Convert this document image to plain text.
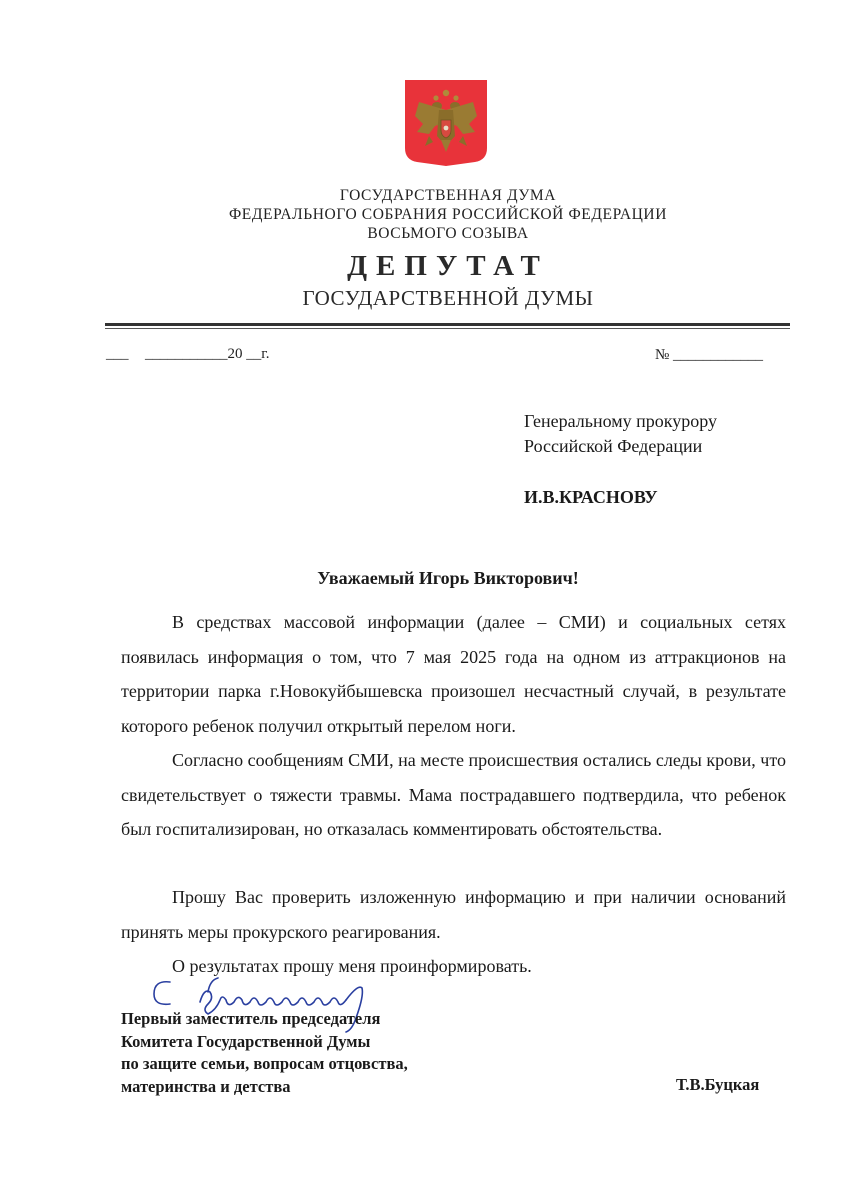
ГОСУДАРСТВЕННАЯ ДУМА
ФЕДЕРАЛЬНОГО СОБРАНИЯ РОССИЙСКОЙ ФЕДЕРАЦИИ
ВОСЬМОГО СОЗЫВА
ДЕПУТАТ
ГОСУДАРСТВЕННОЙ ДУМЫ
___ ___________20 __г.	№ ____________
Генеральному прокурору
Российской Федерации
И.В.КРАСНОВУ
Уважаемый Игорь Викторович!
В средствах массовой информации (далее – СМИ) и социальных сетях появилась информация о том, что 7 мая 2025 года на одном из аттракционов на территории парка г.Новокуйбышевска произошел несчастный случай, в результате которого ребенок получил открытый перелом ноги.
Согласно сообщениям СМИ, на месте происшествия остались следы крови, что свидетельствует о тяжести травмы. Мама пострадавшего подтвердила, что ребенок был госпитализирован, но отказалась комментировать обстоятельства.
Прошу Вас проверить изложенную информацию и при наличии оснований принять меры прокурского реагирования.
О результатах прошу меня проинформировать.
Первый заместитель председателя
Комитета Государственной Думы
по защите семьи, вопросам отцовства,
материнства и детства	Т.В.Буцкая
